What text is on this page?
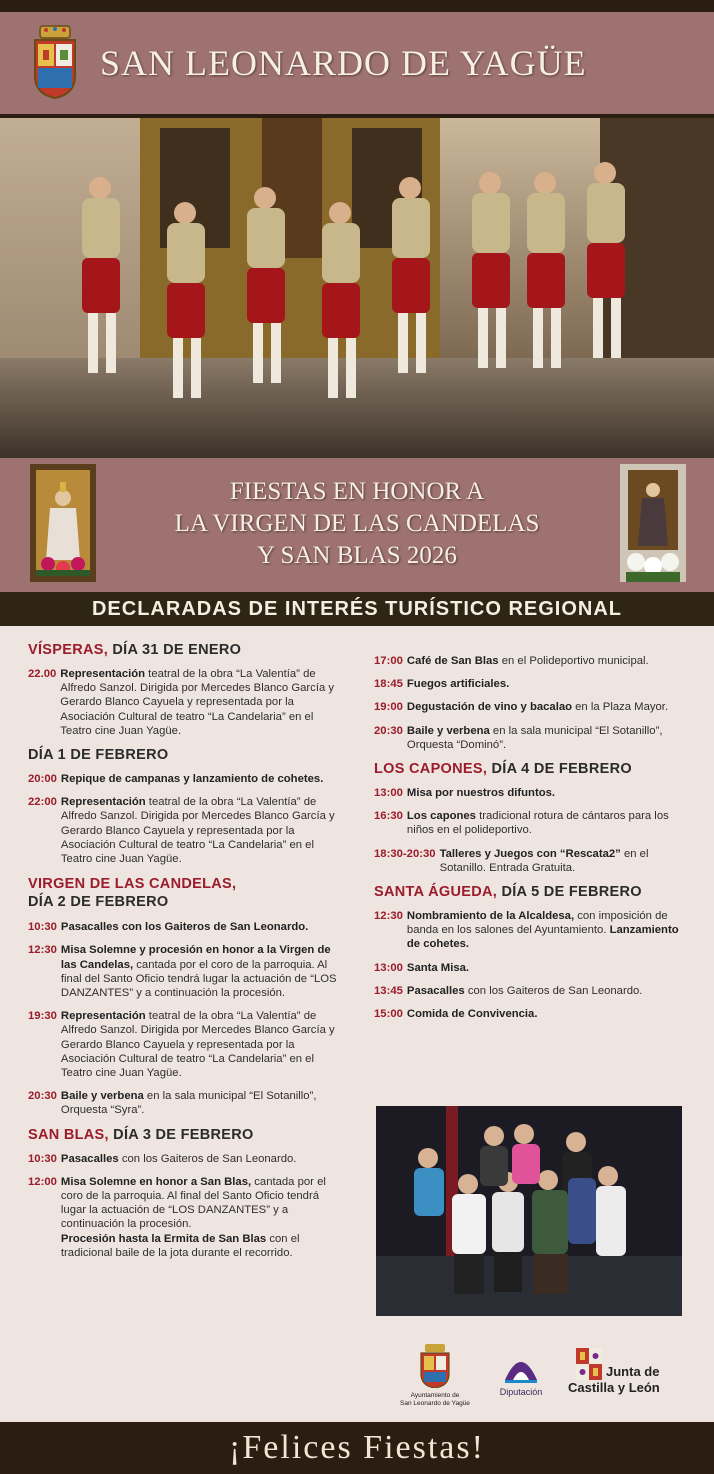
SAN LEONARDO DE YAGÜE
FIESTAS EN HONOR A
LA VIRGEN DE LAS CANDELAS
Y SAN BLAS 2026
DECLARADAS DE INTERÉS TURÍSTICO REGIONAL
VÍSPERAS, DÍA 31 DE ENERO
22.00 Representación teatral de la obra “La Valentía” de Alfredo Sanzol. Dirigida por Mercedes Blanco García y Gerardo Blanco Cayuela y representada por la Asociación Cultural de teatro “La Candelaria” en el Teatro cine Juan Yagüe.
DÍA 1 DE FEBRERO
20:00 Repique de campanas y lanzamiento de cohetes.
22:00 Representación teatral de la obra “La Valentía” de Alfredo Sanzol. Dirigida por Mercedes Blanco García y Gerardo Blanco Cayuela y representada por la Asociación Cultural de teatro “La Candelaria” en el Teatro cine Juan Yagüe.
VIRGEN DE LAS CANDELAS,
DÍA 2 DE FEBRERO
10:30 Pasacalles con los Gaiteros de San Leonardo.
12:30 Misa Solemne y procesión en honor a la Virgen de las Candelas, cantada por el coro de la parroquia. Al final del Santo Oficio tendrá lugar la actuación de “LOS DANZANTES” y a continuación la procesión.
19:30 Representación teatral de la obra “La Valentía” de Alfredo Sanzol. Dirigida por Mercedes Blanco García y Gerardo Blanco Cayuela y representada por la Asociación Cultural de teatro “La Candelaria” en el Teatro cine Juan Yagüe.
20:30 Baile y verbena en la sala municipal “El Sotanillo”, Orquesta “Syra”.
SAN BLAS, DÍA 3 DE FEBRERO
10:30 Pasacalles con los Gaiteros de San Leonardo.
12:00 Misa Solemne en honor a San Blas, cantada por el coro de la parroquia. Al final del Santo Oficio tendrá lugar la actuación de “LOS DANZANTES” y a continuación la procesión.
Procesión hasta la Ermita de San Blas con el tradicional baile de la jota durante el recorrido.
17:00 Café de San Blas en el Polideportivo municipal.
18:45 Fuegos artificiales.
19:00 Degustación de vino y bacalao en la Plaza Mayor.
20:30 Baile y verbena en la sala municipal “El Sotanillo”, Orquesta “Dominó”.
LOS CAPONES, DÍA 4 DE FEBRERO
13:00 Misa por nuestros difuntos.
16:30 Los capones tradicional rotura de cántaros para los niños en el polideportivo.
18:30-20:30 Talleres y Juegos con “Rescata2” en el Sotanillo. Entrada Gratuita.
SANTA ÁGUEDA, DÍA 5 DE FEBRERO
12:30 Nombramiento de la Alcaldesa, con imposición de banda en los salones del Ayuntamiento. Lanzamiento de cohetes.
13:00 Santa Misa.
13:45 Pasacalles con los Gaiteros de San Leonardo.
15:00 Comida de Convivencia.
Ayuntamiento de
San Leonardo de Yagüe
Diputación
Junta de
Castilla y León
¡Felices Fiestas!
